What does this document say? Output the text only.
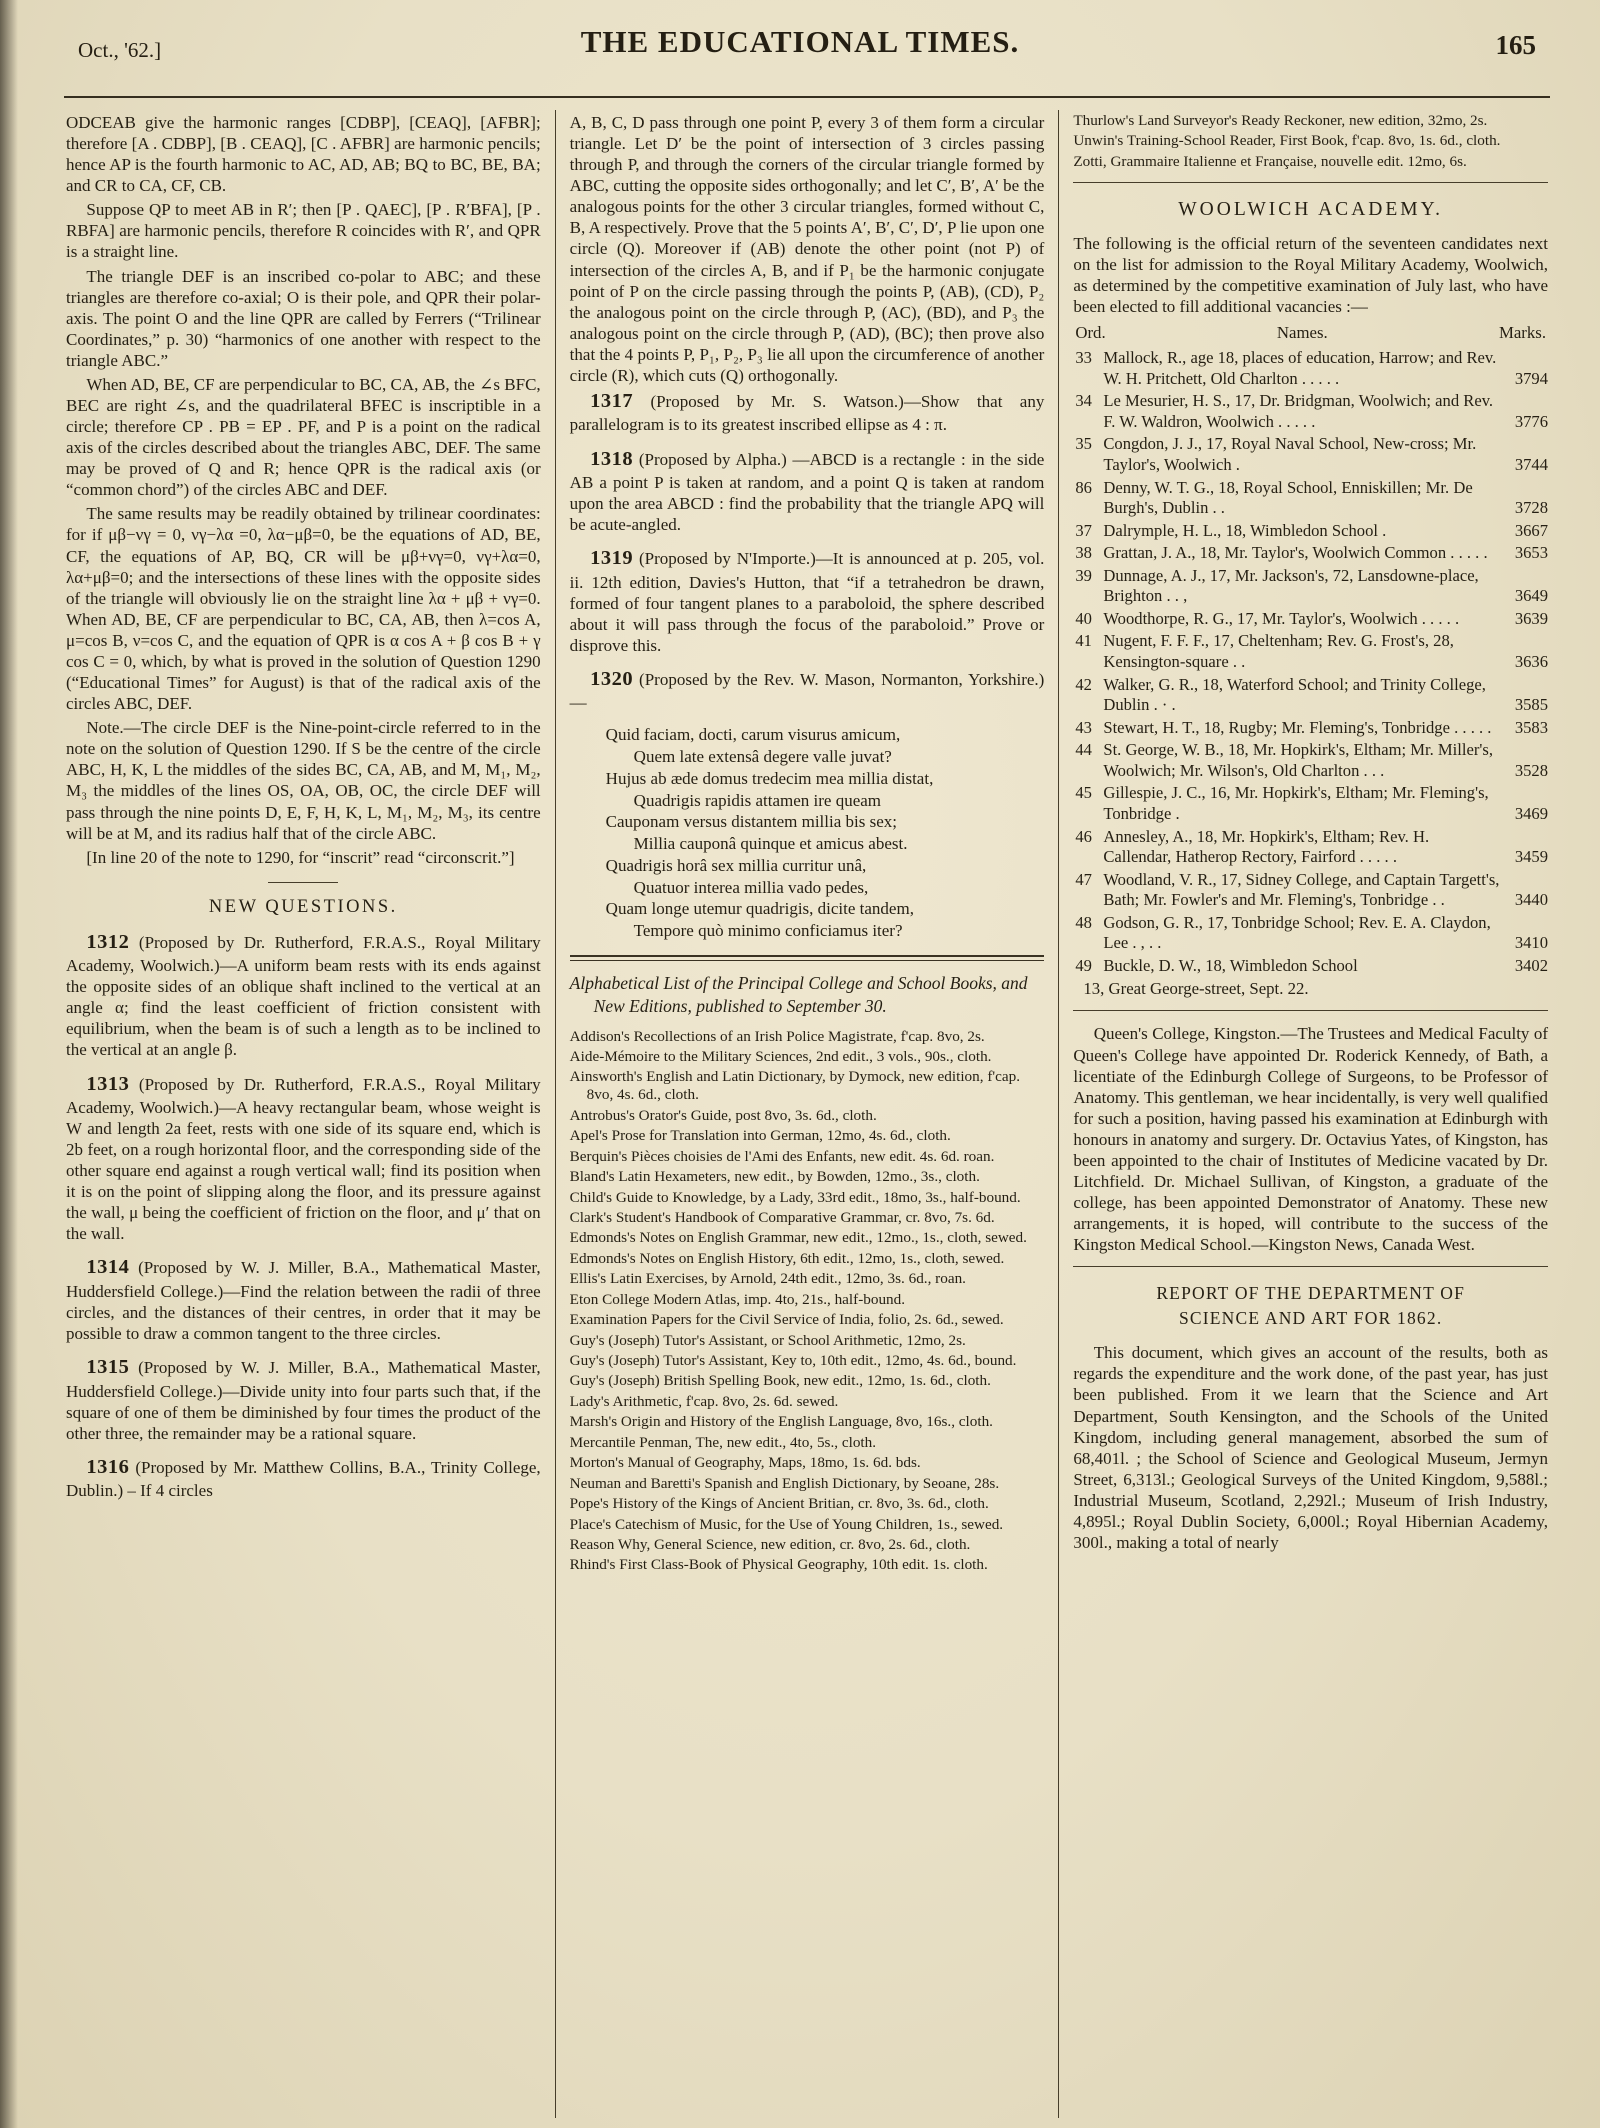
Oct., '62.]	THE EDUCATIONAL TIMES.	165

ODCEAB give the harmonic ranges [CDBP], [CEAQ], [AFBR]; therefore [A . CDBP], [B . CEAQ], [C . AFBR] are harmonic pencils; hence AP is the fourth harmonic to AC, AD, AB; BQ to BC, BE, BA; and CR to CA, CF, CB.

Suppose QP to meet AB in R′; then [P . QAEC], [P . R′BFA], [P . RBFA] are harmonic pencils, therefore R coincides with R′, and QPR is a straight line.

The triangle DEF is an inscribed co-polar to ABC; and these triangles are therefore co-axial; O is their pole, and QPR their polar-axis. The point O and the line QPR are called by Ferrers (“Trilinear Coordinates,” p. 30) “harmonics of one another with respect to the triangle ABC.”

When AD, BE, CF are perpendicular to BC, CA, AB, the ∠s BFC, BEC are right ∠s, and the quadrilateral BFEC is inscriptible in a circle; therefore CP . PB = EP . PF, and P is a point on the radical axis of the circles described about the triangles ABC, DEF. The same may be proved of Q and R; hence QPR is the radical axis (or “common chord”) of the circles ABC and DEF.

The same results may be readily obtained by trilinear coordinates: for if μβ−νγ = 0, νγ−λα =0, λα−μβ=0, be the equations of AD, BE, CF, the equations of AP, BQ, CR will be μβ+νγ=0, νγ+λα=0, λα+μβ=0; and the intersections of these lines with the opposite sides of the triangle will obviously lie on the straight line λα + μβ + νγ=0. When AD, BE, CF are perpendicular to BC, CA, AB, then λ=cos A, μ=cos B, ν=cos C, and the equation of QPR is α cos A + β cos B + γ cos C = 0, which, by what is proved in the solution of Question 1290 (“Educational Times” for August) is that of the radical axis of the circles ABC, DEF.

Note.—The circle DEF is the Nine-point-circle referred to in the note on the solution of Question 1290. If S be the centre of the circle ABC, H, K, L the middles of the sides BC, CA, AB, and M, M₁, M₂, M₃ the middles of the lines OS, OA, OB, OC, the circle DEF will pass through the nine points D, E, F, H, K, L, M₁, M₂, M₃, its centre will be at M, and its radius half that of the circle ABC.

[In line 20 of the note to 1290, for “inscrit” read “circonscrit.”]

NEW QUESTIONS.

1312 (Proposed by Dr. Rutherford, F.R.A.S., Royal Military Academy, Woolwich.)—A uniform beam rests with its ends against the opposite sides of an oblique shaft inclined to the vertical at an angle α; find the least coefficient of friction consistent with equilibrium, when the beam is of such a length as to be inclined to the vertical at an angle β.

1313 (Proposed by Dr. Rutherford, F.R.A.S., Royal Military Academy, Woolwich.)—A heavy rectangular beam, whose weight is W and length 2a feet, rests with one side of its square end, which is 2b feet, on a rough horizontal floor, and the corresponding side of the other square end against a rough vertical wall; find its position when it is on the point of slipping along the floor, and its pressure against the wall, μ being the coefficient of friction on the floor, and μ′ that on the wall.

1314 (Proposed by W. J. Miller, B.A., Mathematical Master, Huddersfield College.)—Find the relation between the radii of three circles, and the distances of their centres, in order that it may be possible to draw a common tangent to the three circles.

1315 (Proposed by W. J. Miller, B.A., Mathematical Master, Huddersfield College.)—Divide unity into four parts such that, if the square of one of them be diminished by four times the product of the other three, the remainder may be a rational square.

1316 (Proposed by Mr. Matthew Collins, B.A., Trinity College, Dublin.) – If 4 circles

A, B, C, D pass through one point P, every 3 of them form a circular triangle. Let D′ be the point of intersection of 3 circles passing through P, and through the corners of the circular triangle formed by ABC, cutting the opposite sides orthogonally; and let C′, B′, A′ be the analogous points for the other 3 circular triangles, formed without C, B, A respectively. Prove that the 5 points A′, B′, C′, D′, P lie upon one circle (Q). Moreover if (AB) denote the other point (not P) of intersection of the circles A, B, and if P₁ be the harmonic conjugate point of P on the circle passing through the points P, (AB), (CD), P₂ the analogous point on the circle through P, (AC), (BD), and P₃ the analogous point on the circle through P, (AD), (BC); then prove also that the 4 points P, P₁, P₂, P₃ lie all upon the circumference of another circle (R), which cuts (Q) orthogonally.

1317 (Proposed by Mr. S. Watson.)—Show that any parallelogram is to its greatest inscribed ellipse as 4 : π.

1318 (Proposed by Alpha.) —ABCD is a rectangle : in the side AB a point P is taken at random, and a point Q is taken at random upon the area ABCD : find the probability that the triangle APQ will be acute-angled.

1319 (Proposed by N'Importe.)—It is announced at p. 205, vol. ii. 12th edition, Davies's Hutton, that “if a tetrahedron be drawn, formed of four tangent planes to a paraboloid, the sphere described about it will pass through the focus of the paraboloid.” Prove or disprove this.

1320 (Proposed by the Rev. W. Mason, Normanton, Yorkshire.)—

Quid faciam, docti, carum visurus amicum,

Quem late extensâ degere valle juvat?

Hujus ab æde domus tredecim mea millia distat,

Quadrigis rapidis attamen ire queam

Cauponam versus distantem millia bis sex;

Millia cauponâ quinque et amicus abest.

Quadrigis horâ sex millia curritur unâ,

Quatuor interea millia vado pedes,

Quam longe utemur quadrigis, dicite tandem,

Tempore quò minimo conficiamus iter?

Alphabetical List of the Principal College and School Books, and New Editions, published to September 30.

Addison's Recollections of an Irish Police Magistrate, f'cap. 8vo, 2s.

Aide-Mémoire to the Military Sciences, 2nd edit., 3 vols., 90s., cloth.

Ainsworth's English and Latin Dictionary, by Dymock, new edition, f'cap. 8vo, 4s. 6d., cloth.

Antrobus's Orator's Guide, post 8vo, 3s. 6d., cloth.

Apel's Prose for Translation into German, 12mo, 4s. 6d., cloth.

Berquin's Pièces choisies de l'Ami des Enfants, new edit. 4s. 6d. roan.

Bland's Latin Hexameters, new edit., by Bowden, 12mo., 3s., cloth.

Child's Guide to Knowledge, by a Lady, 33rd edit., 18mo, 3s., half-bound.

Clark's Student's Handbook of Comparative Grammar, cr. 8vo, 7s. 6d.

Edmonds's Notes on English Grammar, new edit., 12mo., 1s., cloth, sewed.

Edmonds's Notes on English History, 6th edit., 12mo, 1s., cloth, sewed.

Ellis's Latin Exercises, by Arnold, 24th edit., 12mo, 3s. 6d., roan.

Eton College Modern Atlas, imp. 4to, 21s., half-bound.

Examination Papers for the Civil Service of India, folio, 2s. 6d., sewed.

Guy's (Joseph) Tutor's Assistant, or School Arithmetic, 12mo, 2s.

Guy's (Joseph) Tutor's Assistant, Key to, 10th edit., 12mo, 4s. 6d., bound.

Guy's (Joseph) British Spelling Book, new edit., 12mo, 1s. 6d., cloth.

Lady's Arithmetic, f'cap. 8vo, 2s. 6d. sewed.

Marsh's Origin and History of the English Language, 8vo, 16s., cloth.

Mercantile Penman, The, new edit., 4to, 5s., cloth.

Morton's Manual of Geography, Maps, 18mo, 1s. 6d. bds.

Neuman and Baretti's Spanish and English Dictionary, by Seoane, 28s.

Pope's History of the Kings of Ancient Britian, cr. 8vo, 3s. 6d., cloth.

Place's Catechism of Music, for the Use of Young Children, 1s., sewed.

Reason Why, General Science, new edition, cr. 8vo, 2s. 6d., cloth.

Rhind's First Class-Book of Physical Geography, 10th edit. 1s. cloth.

Thurlow's Land Surveyor's Ready Reckoner, new edition, 32mo, 2s.

Unwin's Training-School Reader, First Book, f'cap. 8vo, 1s. 6d., cloth.

Zotti, Grammaire Italienne et Française, nouvelle edit. 12mo, 6s.

WOOLWICH ACADEMY.

The following is the official return of the seventeen candidates next on the list for admission to the Royal Military Academy, Woolwich, as determined by the competitive examination of July last, who have been elected to fill additional vacancies :—

Ord.	Names.	Marks.
33 Mallock, R., age 18, places of education, Harrow; and Rev. W. H. Pritchett, Old Charlton . . . . .	3794
34 Le Mesurier, H. S., 17, Dr. Bridgman, Woolwich; and Rev. F. W. Waldron, Woolwich . . . . .	3776
35 Congdon, J. J., 17, Royal Naval School, New-cross; Mr. Taylor's, Woolwich .	3744
86 Denny, W. T. G., 18, Royal School, Enniskillen; Mr. De Burgh's, Dublin . .	3728
37 Dalrymple, H. L., 18, Wimbledon School .	3667
38 Grattan, J. A., 18, Mr. Taylor's, Woolwich Common . . . . . 3653
39 Dunnage, A. J., 17, Mr. Jackson's, 72, Lansdowne-place, Brighton . . ,	3649
40 Woodthorpe, R. G., 17, Mr. Taylor's, Woolwich . . . . .	3639
41 Nugent, F. F. F., 17, Cheltenham; Rev. G. Frost's, 28, Kensington-square . .	3636
42 Walker, G. R., 18, Waterford School; and Trinity College, Dublin . · .	3585
43 Stewart, H. T., 18, Rugby; Mr. Fleming's, Tonbridge . . . . . 3583
44 St. George, W. B., 18, Mr. Hopkirk's, Eltham; Mr. Miller's, Woolwich; Mr. Wilson's, Old Charlton . . .	3528
45 Gillespie, J. C., 16, Mr. Hopkirk's, Eltham; Mr. Fleming's, Tonbridge .	3469
46 Annesley, A., 18, Mr. Hopkirk's, Eltham; Rev. H. Callendar, Hatherop Rectory, Fairford . . . . .	3459
47 Woodland, V. R., 17, Sidney College, and Captain Targett's, Bath; Mr. Fowler's and Mr. Fleming's, Tonbridge . .	3440
48 Godson, G. R., 17, Tonbridge School; Rev. E. A. Claydon, Lee . , . .	3410
49 Buckle, D. W., 18, Wimbledon School	3402

13, Great George-street, Sept. 22.

Queen's College, Kingston.—The Trustees and Medical Faculty of Queen's College have appointed Dr. Roderick Kennedy, of Bath, a licentiate of the Edinburgh College of Surgeons, to be Professor of Anatomy. This gentleman, we hear incidentally, is very well qualified for such a position, having passed his examination at Edinburgh with honours in anatomy and surgery. Dr. Octavius Yates, of Kingston, has been appointed to the chair of Institutes of Medicine vacated by Dr. Litchfield. Dr. Michael Sullivan, of Kingston, a graduate of the college, has been appointed Demonstrator of Anatomy. These new arrangements, it is hoped, will contribute to the success of the Kingston Medical School.—Kingston News, Canada West.

REPORT OF THE DEPARTMENT OF
SCIENCE AND ART FOR 1862.

This document, which gives an account of the results, both as regards the expenditure and the work done, of the past year, has just been published. From it we learn that the Science and Art Department, South Kensington, and the Schools of the United Kingdom, including general management, absorbed the sum of 68,401l. ; the School of Science and Geological Museum, Jermyn Street, 6,313l.; Geological Surveys of the United Kingdom, 9,588l.; Industrial Museum, Scotland, 2,292l.; Museum of Irish Industry, 4,895l.; Royal Dublin Society, 6,000l.; Royal Hibernian Academy, 300l., making a total of nearly
